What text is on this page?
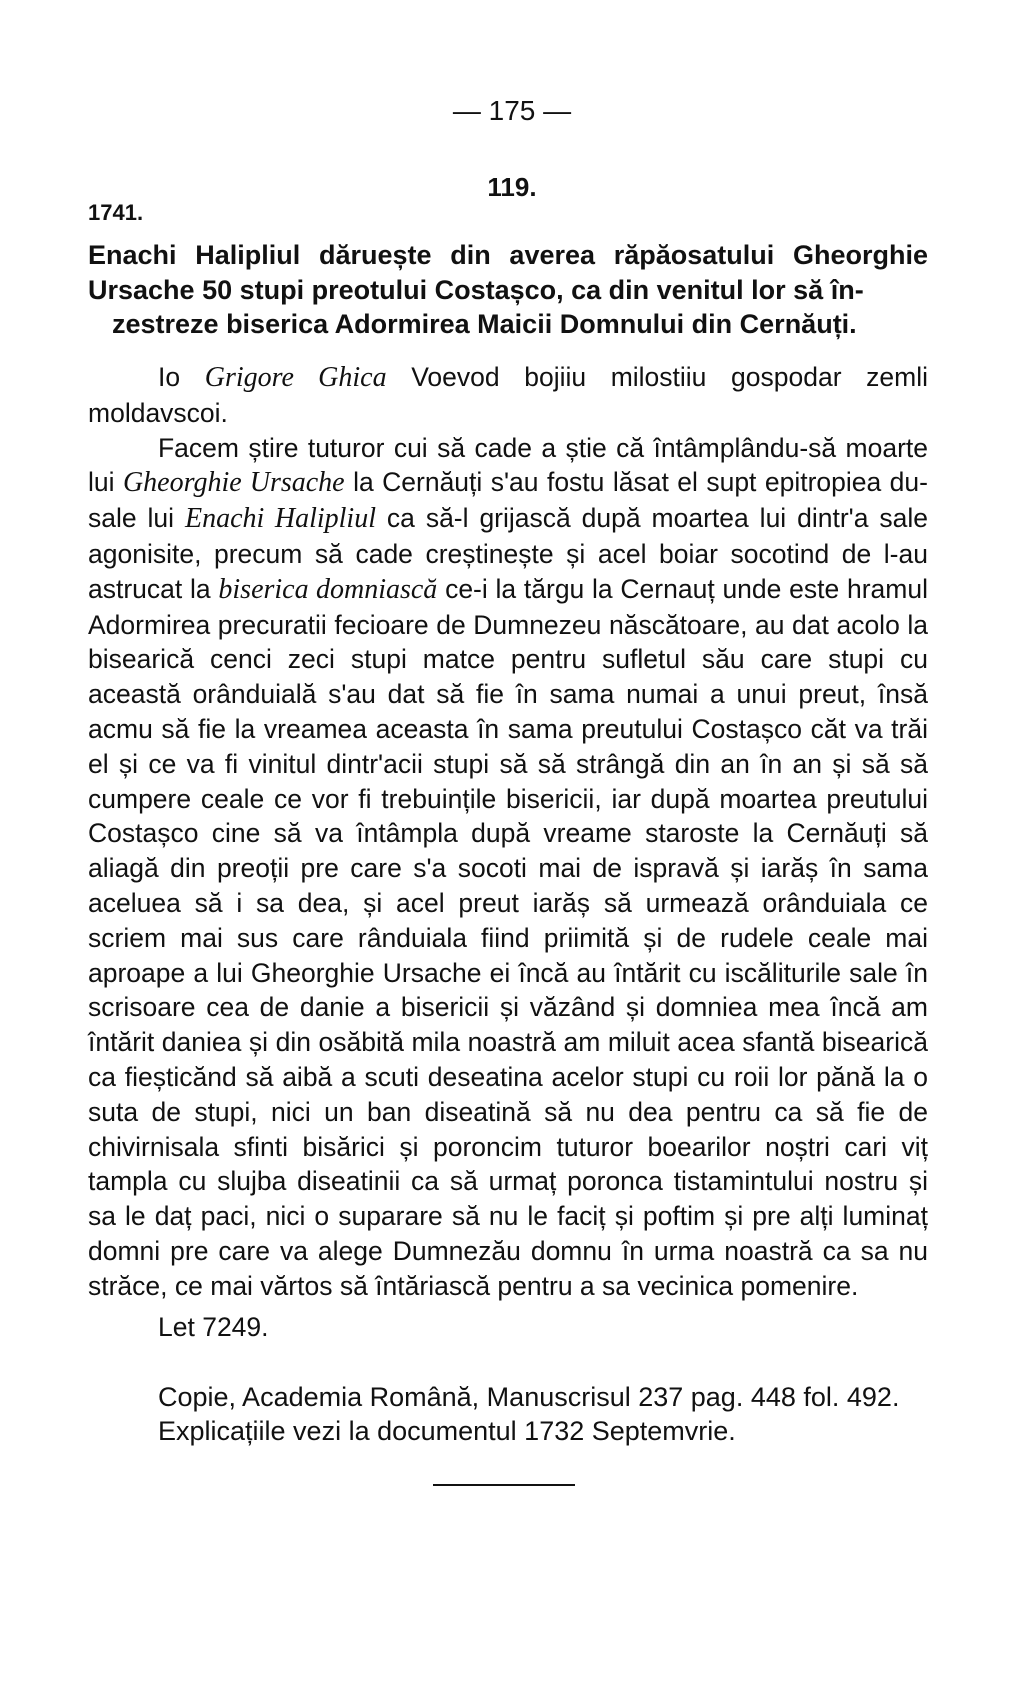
— 175 —
119.
1741.
Enachi Halipliul dăruește din averea răpăosatului Gheorghie Ursache 50 stupi preotului Costașco, ca din venitul lor să în-
zestreze biserica Adormirea Maicii Domnului din Cernăuți.

Io Grigore Ghica Voevod bojiiu milostiiu gospodar zemli moldavscoi.

Facem știre tuturor cui să cade a știe că întâmplându-să moarte lui Gheorghie Ursache la Cernăuți s'au fostu lăsat el supt epitropiea du-sale lui Enachi Halipliul ca să-l grijască după moartea lui dintr'a sale agonisite, precum să cade creștinește și acel boiar socotind de l-au astrucat la biserica domniască ce-i la tărgu la Cernauț unde este hramul Adormirea precuratii fecioare de Dumnezeu născătoare, au dat acolo la bisearică cenci zeci stupi matce pentru sufletul său care stupi cu această orânduială s'au dat să fie în sama numai a unui preut, însă acmu să fie la vreamea aceasta în sama preutului Costașco căt va trăi el și ce va fi vinitul dintr'acii stupi să să strângă din an în an și să să cumpere ceale ce vor fi trebuințile bisericii, iar după moartea preutului Costașco cine să va întâmpla după vreame staroste la Cernăuți să aliagă din preoții pre care s'a socoti mai de ispravă și iarăș în sama aceluea să i sa dea, și acel preut iarăș să urmează orânduiala ce scriem mai sus care rânduiala fiind priimită și de rudele ceale mai aproape a lui Gheorghie Ursache ei încă au întărit cu iscăliturile sale în scrisoare cea de danie a bisericii și văzând și domniea mea încă am întărit daniea și din osăbită mila noastră am miluit acea sfantă bisearică ca fieșticănd să aibă a scuti deseatina acelor stupi cu roii lor pănă la o suta de stupi, nici un ban diseatină să nu dea pentru ca să fie de chivirnisala sfinti bisărici și poroncim tuturor boearilor noștri cari viț tampla cu slujba diseatinii ca să urmaț poronca tistamintului nostru și sa le daț paci, nici o suparare să nu le faciț și poftim și pre alți luminaț domni pre care va alege Dumnezău domnu în urma noastră ca sa nu străce, ce mai vărtos să întăriască pentru a sa vecinica pomenire.

Let 7249.

Copie, Academia Română, Manuscrisul 237 pag. 448 fol. 492.
Explicațiile vezi la documentul 1732 Septemvrie.
